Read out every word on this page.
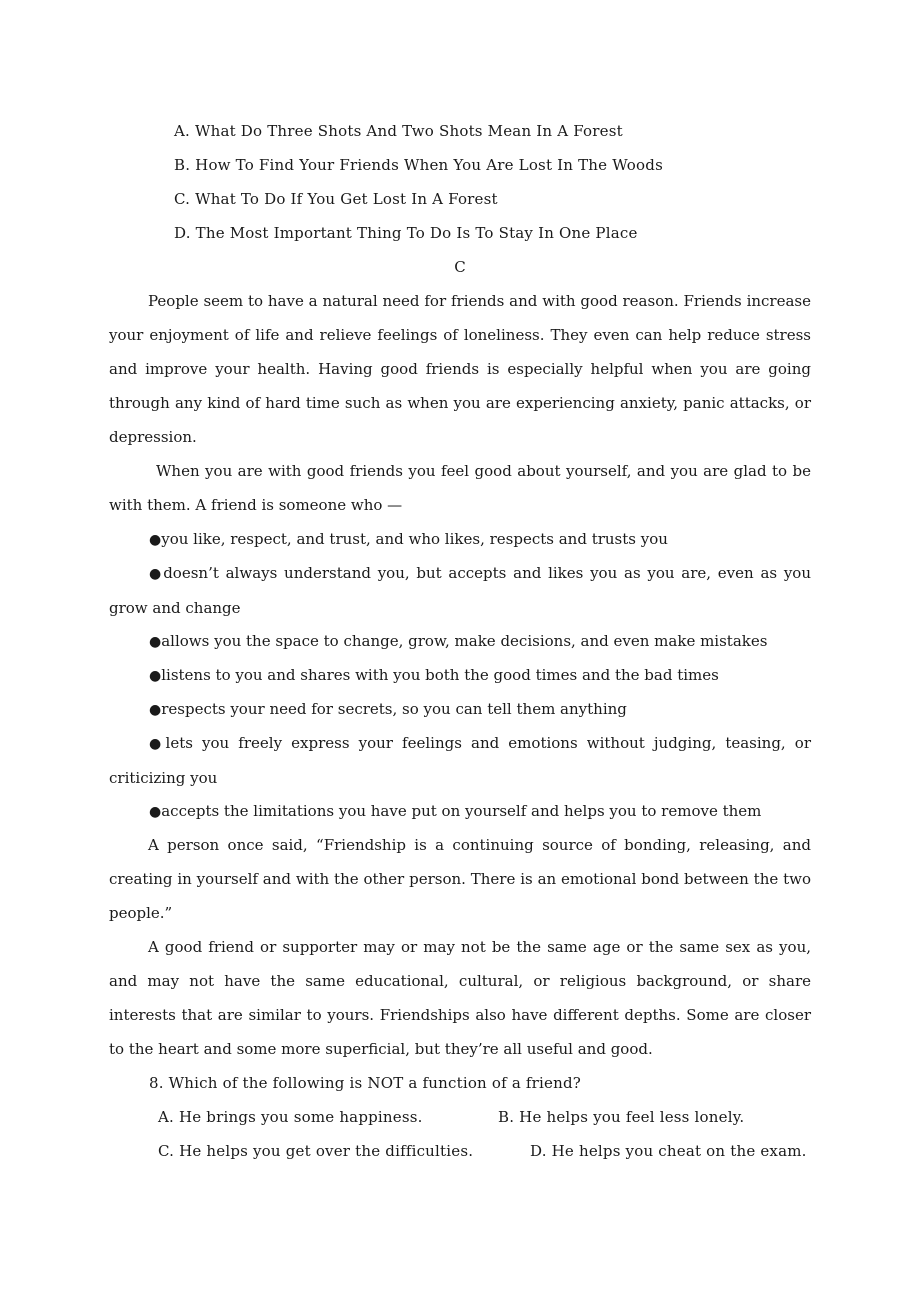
A. What Do Three Shots And Two Shots Mean In A Forest
B. How To Find Your Friends When You Are Lost In The Woods
C. What To Do If You Get Lost In A Forest
D. The Most Important Thing To Do Is To Stay In One Place
C
People seem to have a natural need for friends and with good reason. Friends increase your enjoyment of life and relieve feelings of loneliness. They even can help reduce stress and improve your health. Having good friends is especially helpful when you are going through any kind of hard time such as when you are experiencing anxiety, panic attacks, or depression.
When you are with good friends you feel good about yourself, and you are glad to be with them. A friend is someone who —
●you like, respect, and trust, and who likes, respects and trusts you
●doesn’t always understand you, but accepts and likes you as you are, even as you grow and change
●allows you the space to change, grow, make decisions, and even make mistakes
●listens to you and shares with you both the good times and the bad times
●respects your need for secrets, so you can tell them anything
●lets you freely express your feelings and emotions without judging, teasing, or criticizing you
●accepts the limitations you have put on yourself and helps you to remove them
A person once said, “Friendship is a continuing source of bonding, releasing, and creating in yourself and with the other person. There is an emotional bond between the two people.”
A good friend or supporter may or may not be the same age or the same sex as you, and may not have the same educational, cultural, or religious background, or share interests that are similar to yours. Friendships also have different depths. Some are closer to the heart and some more superficial, but they’re all useful and good.
8. Which of the following is NOT a function of a friend?
A. He brings you some happiness.	B. He helps you feel less lonely.
C. He helps you get over the difficulties.	D. He helps you cheat on the exam.
